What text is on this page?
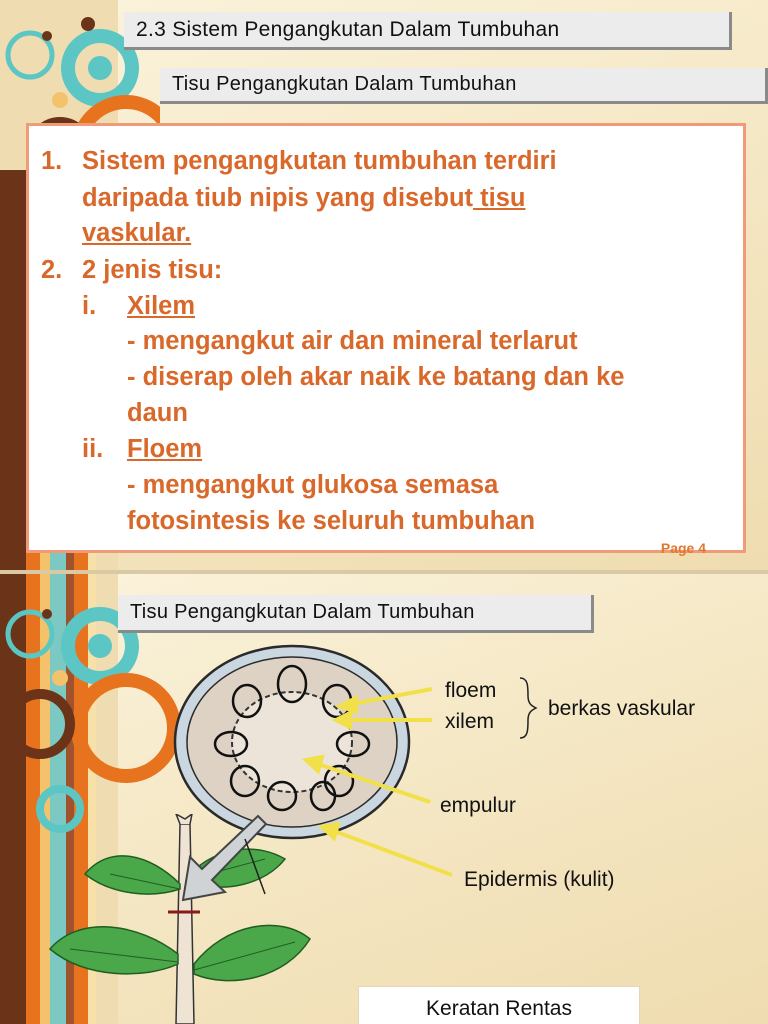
2.3 Sistem Pengangkutan Dalam Tumbuhan
Tisu Pengangkutan Dalam Tumbuhan
1. Sistem pengangkutan tumbuhan terdiri
daripada tiub nipis yang disebut tisu
vaskular.
2. 2 jenis tisu:
i. Xilem
- mengangkut air dan mineral terlarut
- diserap oleh akar naik ke batang dan ke
daun
ii. Floem
- mengangkut glukosa semasa
fotosintesis ke seluruh tumbuhan
Page 4
Tisu Pengangkutan Dalam Tumbuhan
floem
xilem
berkas vaskular
empulur
Epidermis (kulit)
Keratan Rentas
